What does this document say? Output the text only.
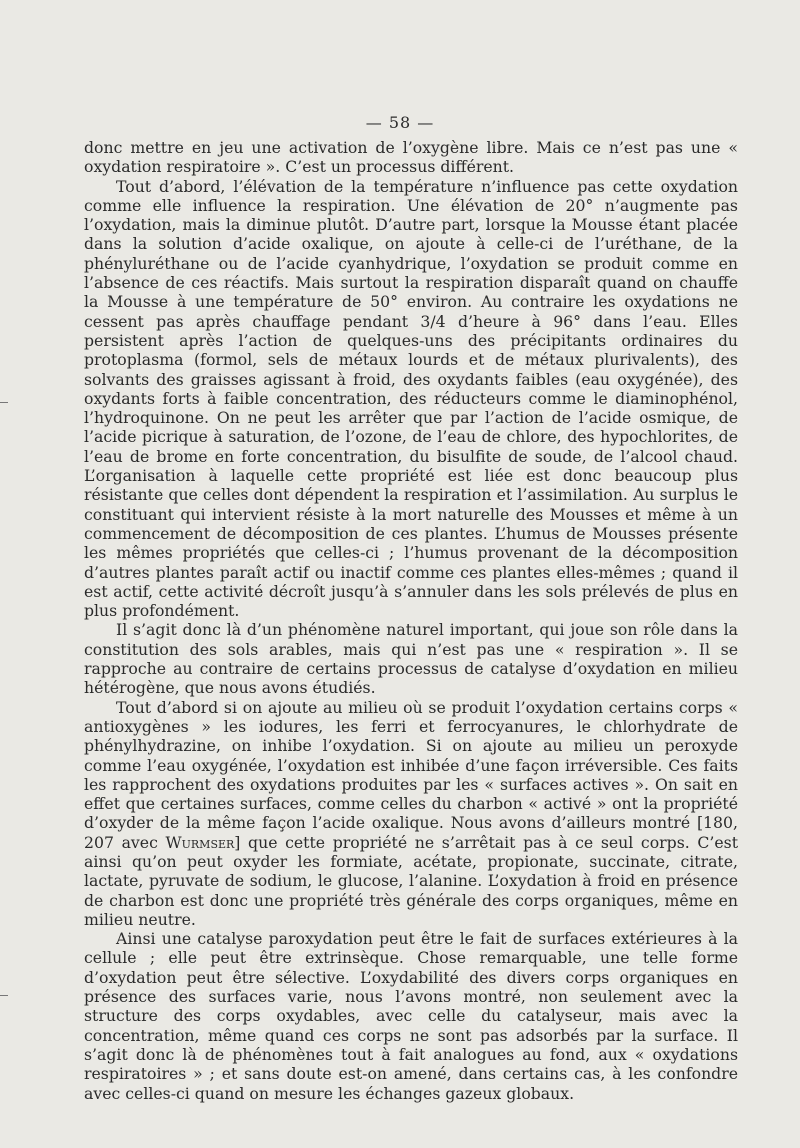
— 58 —

donc mettre en jeu une activation de l’oxygène libre. Mais ce n’est pas une « oxydation respiratoire ». C’est un processus différent.

Tout d’abord, l’élévation de la température n’influence pas cette oxydation comme elle influence la respiration. Une élévation de 20° n’augmente pas l’oxydation, mais la diminue plutôt. D’autre part, lorsque la Mousse étant placée dans la solution d’acide oxalique, on ajoute à celle-ci de l’uréthane, de la phényluréthane ou de l’acide cyanhydrique, l’oxydation se produit comme en l’absence de ces réactifs. Mais surtout la respiration disparaît quand on chauffe la Mousse à une température de 50° environ. Au contraire les oxydations ne cessent pas après chauffage pendant 3/4 d’heure à 96° dans l’eau. Elles persistent après l’action de quelques-uns des précipitants ordinaires du protoplasma (formol, sels de métaux lourds et de métaux plurivalents), des solvants des graisses agissant à froid, des oxydants faibles (eau oxygénée), des oxydants forts à faible concentration, des réducteurs comme le diaminophénol, l’hydroquinone. On ne peut les arrêter que par l’action de l’acide osmique, de l’acide picrique à saturation, de l’ozone, de l’eau de chlore, des hypochlorites, de l’eau de brome en forte concentration, du bisulfite de soude, de l’alcool chaud. L’organisation à laquelle cette propriété est liée est donc beaucoup plus résistante que celles dont dépendent la respiration et l’assimilation. Au surplus le constituant qui intervient résiste à la mort naturelle des Mousses et même à un commencement de décomposition de ces plantes. L’humus de Mousses présente les mêmes propriétés que celles-ci ; l’humus provenant de la décomposition d’autres plantes paraît actif ou inactif comme ces plantes elles-mêmes ; quand il est actif, cette activité décroît jusqu’à s’annuler dans les sols prélevés de plus en plus profondément.

Il s’agit donc là d’un phénomène naturel important, qui joue son rôle dans la constitution des sols arables, mais qui n’est pas une « respiration ». Il se rapproche au contraire de certains processus de catalyse d’oxydation en milieu hétérogène, que nous avons étudiés.

Tout d’abord si on ajoute au milieu où se produit l’oxydation certains corps « antioxygènes » les iodures, les ferri et ferrocyanures, le chlorhydrate de phénylhydrazine, on inhibe l’oxydation. Si on ajoute au milieu un peroxyde comme l’eau oxygénée, l’oxydation est inhibée d’une façon irréversible. Ces faits les rapprochent des oxydations produites par les « surfaces actives ». On sait en effet que certaines surfaces, comme celles du charbon « activé » ont la propriété d’oxyder de la même façon l’acide oxalique. Nous avons d’ailleurs montré [180, 207 avec Wurmser] que cette propriété ne s’arrêtait pas à ce seul corps. C’est ainsi qu’on peut oxyder les formiate, acétate, propionate, succinate, citrate, lactate, pyruvate de sodium, le glucose, l’alanine. L’oxydation à froid en présence de charbon est donc une propriété très générale des corps organiques, même en milieu neutre.

Ainsi une catalyse paroxydation peut être le fait de surfaces extérieures à la cellule ; elle peut être extrinsèque. Chose remarquable, une telle forme d’oxydation peut être sélective. L’oxydabilité des divers corps organiques en présence des surfaces varie, nous l’avons montré, non seulement avec la structure des corps oxydables, avec celle du catalyseur, mais avec la concentration, même quand ces corps ne sont pas adsorbés par la surface. Il s’agit donc là de phénomènes tout à fait analogues au fond, aux « oxydations respiratoires » ; et sans doute est-on amené, dans certains cas, à les confondre avec celles-ci quand on mesure les échanges gazeux globaux.
